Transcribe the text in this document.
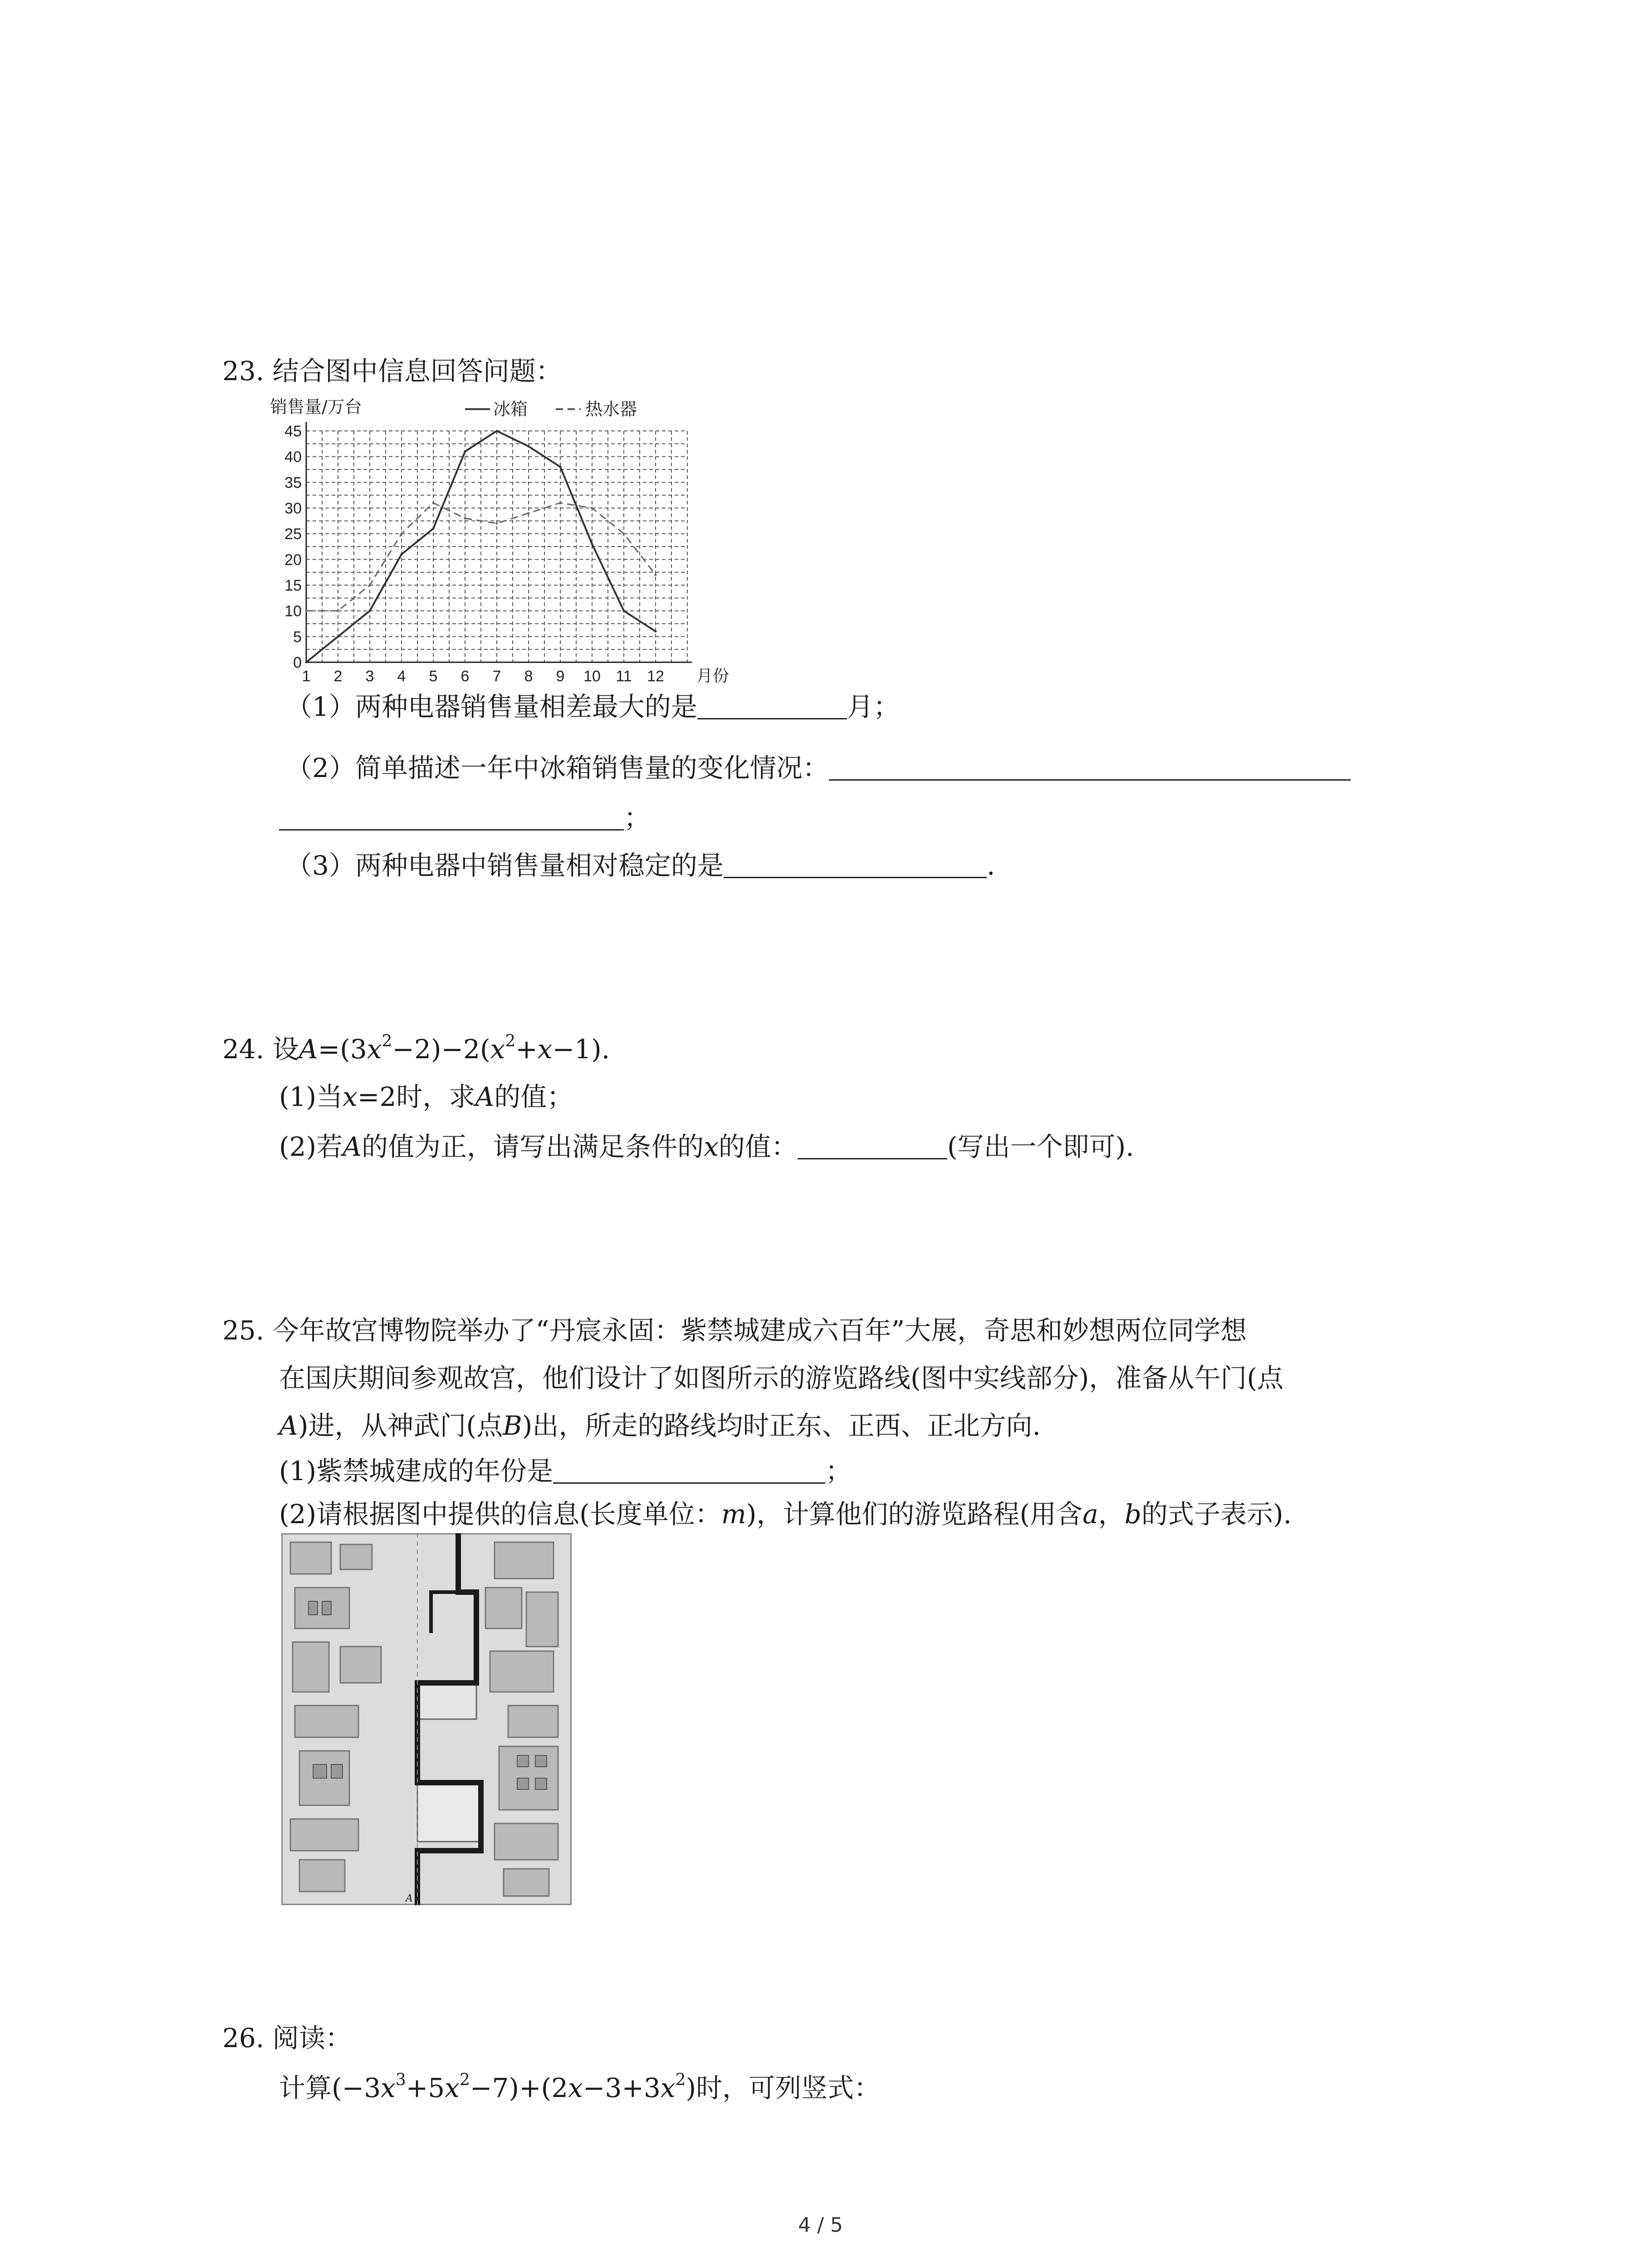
23. 结合图中信息回答问题：
0
5
10
15
20
25
30
35
40
45
1 2 3 4 5 6 7 8 9 10 11 12
销售量/万台
月份
冰箱	热水器
（1）两种电器销售量相差最大的是	月；
（2）简单描述一年中冰箱销售量的变化情况：
；
（3）两种电器中销售量相对稳定的是	.
24. 设$A=(3x^2-2)-2(x^2+x-1)$.
(1)当x=2时，求A的值；
(2)若A的值为正，请写出满足条件的x的值：	(写出一个即可).
25. 今年故宫博物院举办了“丹宸永固：紫禁城建成六百年”大展，奇思和妙想两位同学想
在国庆期间参观故宫，他们设计了如图所示的游览路线(图中实线部分)，准备从午门(点
A)进，从神武门(点B)出，所走的路线均时正东、正西、正北方向.
(1)紫禁城建成的年份是	；
(2)请根据图中提供的信息(长度单位：m)，计算他们的游览路程(用含a，b的式子表示).
A
26. 阅读：
计算$(-3x^3+5x^2-7)+(2x-3+3x^2)$时，可列竖式：
4 / 5
